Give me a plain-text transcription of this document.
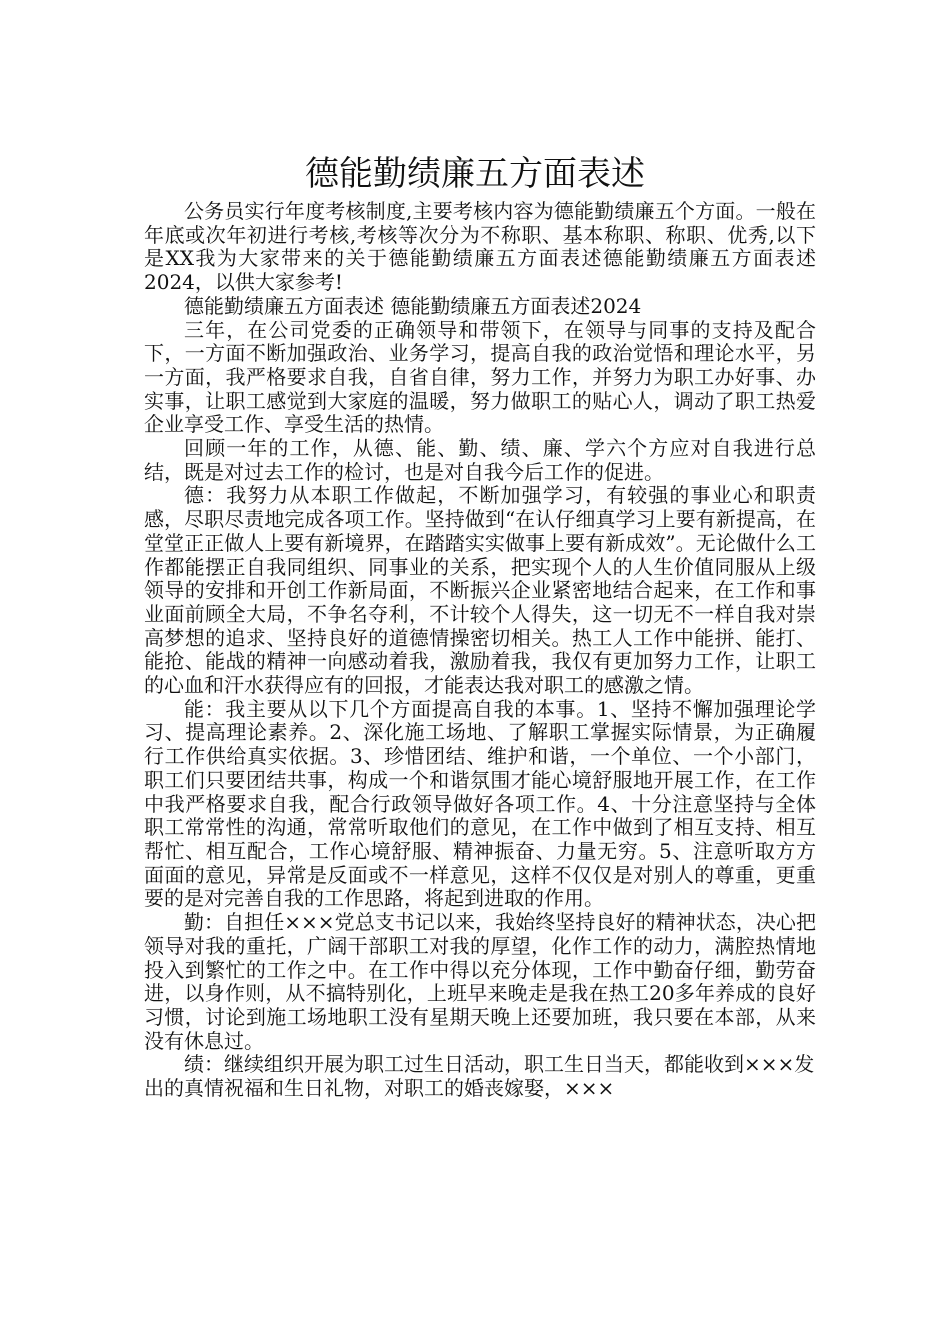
德能勤绩廉五方面表述

公务员实行年度考核制度,主要考核内容为德能勤绩廉五个方面。一般在年底或次年初进行考核,考核等次分为不称职、基本称职、称职、优秀,以下是XX我为大家带来的关于德能勤绩廉五方面表述德能勤绩廉五方面表述2024，以供大家参考!

德能勤绩廉五方面表述 德能勤绩廉五方面表述2024

三年，在公司党委的正确领导和带领下，在领导与同事的支持及配合下，一方面不断加强政治、业务学习，提高自我的政治觉悟和理论水平，另一方面，我严格要求自我，自省自律，努力工作，并努力为职工办好事、办实事，让职工感觉到大家庭的温暖，努力做职工的贴心人，调动了职工热爱企业享受工作、享受生活的热情。

回顾一年的工作，从德、能、勤、绩、廉、学六个方应对自我进行总结，既是对过去工作的检讨，也是对自我今后工作的促进。

德：我努力从本职工作做起，不断加强学习，有较强的事业心和职责感，尽职尽责地完成各项工作。坚持做到“在认仔细真学习上要有新提高，在堂堂正正做人上要有新境界，在踏踏实实做事上要有新成效”。无论做什么工作都能摆正自我同组织、同事业的关系，把实现个人的人生价值同服从上级领导的安排和开创工作新局面，不断振兴企业紧密地结合起来，在工作和事业面前顾全大局，不争名夺利，不计较个人得失，这一切无不一样自我对崇高梦想的追求、坚持良好的道德情操密切相关。热工人工作中能拼、能打、能抢、能战的精神一向感动着我，激励着我，我仅有更加努力工作，让职工的心血和汗水获得应有的回报，才能表达我对职工的感激之情。

能：我主要从以下几个方面提高自我的本事。1、坚持不懈加强理论学习、提高理论素养。2、深化施工场地、了解职工掌握实际情景，为正确履行工作供给真实依据。3、珍惜团结、维护和谐，一个单位、一个小部门，职工们只要团结共事，构成一个和谐氛围才能心境舒服地开展工作，在工作中我严格要求自我，配合行政领导做好各项工作。4、十分注意坚持与全体职工常常性的沟通，常常听取他们的意见，在工作中做到了相互支持、相互帮忙、相互配合，工作心境舒服、精神振奋、力量无穷。5、注意听取方方面面的意见，异常是反面或不一样意见，这样不仅仅是对别人的尊重，更重要的是对完善自我的工作思路，将起到进取的作用。

勤：自担任×××党总支书记以来，我始终坚持良好的精神状态，决心把领导对我的重托，广阔干部职工对我的厚望，化作工作的动力，满腔热情地投入到繁忙的工作之中。在工作中得以充分体现，工作中勤奋仔细，勤劳奋进，以身作则，从不搞特别化，上班早来晚走是我在热工20多年养成的良好习惯，讨论到施工场地职工没有星期天晚上还要加班，我只要在本部，从来没有休息过。

绩：继续组织开展为职工过生日活动，职工生日当天，都能收到×××发出的真情祝福和生日礼物，对职工的婚丧嫁娶，×××
